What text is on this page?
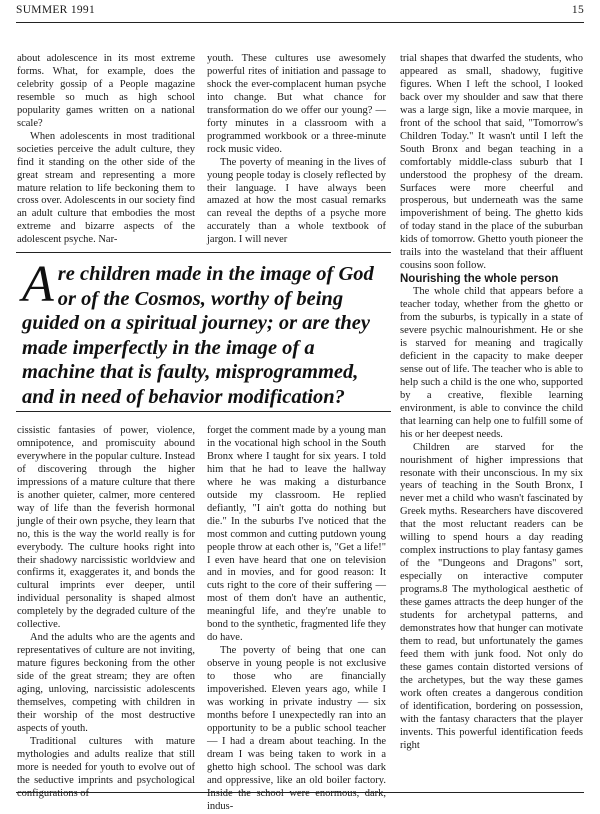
SUMMER 1991	15

about adolescence in its most extreme forms. What, for example, does the celebrity gossip of a People magazine resemble so much as high school popularity games written on a national scale?

When adolescents in most traditional societies perceive the adult culture, they find it standing on the other side of the great stream and representing a more mature relation to life beckoning them to cross over. Adolescents in our society find an adult culture that embodies the most extreme and bizarre aspects of the adolescent psyche. Nar-

youth. These cultures use awesomely powerful rites of initiation and passage to shock the ever-complacent human psyche into change. But what chance for transformation do we offer our young? — forty minutes in a classroom with a programmed workbook or a three-minute rock music video.

The poverty of meaning in the lives of young people today is closely reflected by their language. I have always been amazed at how the most casual remarks can reveal the depths of a psyche more accurately than a whole textbook of jargon. I will never

Are children made in the image of God or of the Cosmos, worthy of being guided on a spiritual journey; or are they made imperfectly in the image of a machine that is faulty, misprogrammed, and in need of behavior modification?

cissistic fantasies of power, violence, omnipotence, and promiscuity abound everywhere in the popular culture. Instead of discovering through the higher impressions of a mature culture that there is another quieter, calmer, more centered way of life than the feverish hormonal jungle of their own psyche, they learn that no, this is the way the world really is for everybody. The culture hooks right into their shadowy narcissistic worldview and confirms it, exaggerates it, and bonds the cultural imprints ever deeper, until individual personality is shaped almost completely by the degraded culture of the collective.

And the adults who are the agents and representatives of culture are not inviting, mature figures beckoning from the other side of the great stream; they are often aging, unloving, narcissistic adolescents themselves, competing with children in their worship of the most destructive aspects of youth.

Traditional cultures with mature mythologies and adults realize that still more is needed for youth to evolve out of the seductive imprints and psychological configurations of

forget the comment made by a young man in the vocational high school in the South Bronx where I taught for six years. I told him that he had to leave the hallway where he was making a disturbance outside my classroom. He replied defiantly, "I ain't gotta do nothing but die." In the suburbs I've noticed that the most common and cutting putdown young people throw at each other is, "Get a life!" I even have heard that one on television and in movies, and for good reason: It cuts right to the core of their suffering — most of them don't have an authentic, meaningful life, and they're unable to bond to the synthetic, fragmented life they do have.

The poverty of being that one can observe in young people is not exclusive to those who are financially impoverished. Eleven years ago, while I was working in private industry — six months before I unexpectedly ran into an opportunity to be a public school teacher — I had a dream about teaching. In the dream I was being taken to work in a ghetto high school. The school was dark and oppressive, like an old boiler factory. Inside the school were enormous, dark, indus-

trial shapes that dwarfed the students, who appeared as small, shadowy, fugitive figures. When I left the school, I looked back over my shoulder and saw that there was a large sign, like a movie marquee, in front of the school that said, "Tomorrow's Children Today." It wasn't until I left the South Bronx and began teaching in a comfortably middle-class suburb that I understood the prophesy of the dream. Surfaces were more cheerful and prosperous, but underneath was the same impoverishment of being. The ghetto kids of today stand in the place of the suburban kids of tomorrow. Ghetto youth pioneer the trails into the wasteland that their affluent cousins soon follow.

Nourishing the whole person

The whole child that appears before a teacher today, whether from the ghetto or from the suburbs, is typically in a state of severe psychic malnourishment. He or she is starved for meaning and tragically deficient in the capacity to make deeper sense out of life. The teacher who is able to help such a child is the one who, supported by a creative, flexible learning environment, is able to convince the child that learning can help one to fulfill some of his or her deepest needs.

Children are starved for the nourishment of higher impressions that resonate with their unconscious. In my six years of teaching in the South Bronx, I never met a child who wasn't fascinated by Greek myths. Researchers have discovered that the most reluctant readers can be willing to spend hours a day reading complex instructions to play fantasy games of the "Dungeons and Dragons" sort, especially on interactive computer programs.8 The mythological aesthetic of these games attracts the deep hunger of the students for archetypal patterns, and demonstrates how that hunger can motivate them to read, but unfortunately the games feed them with junk food. Not only do these games contain distorted versions of the archetypes, but the way these games work often creates a dangerous condition of identification, bordering on possession, with the fantasy characters that the player invents. This powerful identification feeds right
